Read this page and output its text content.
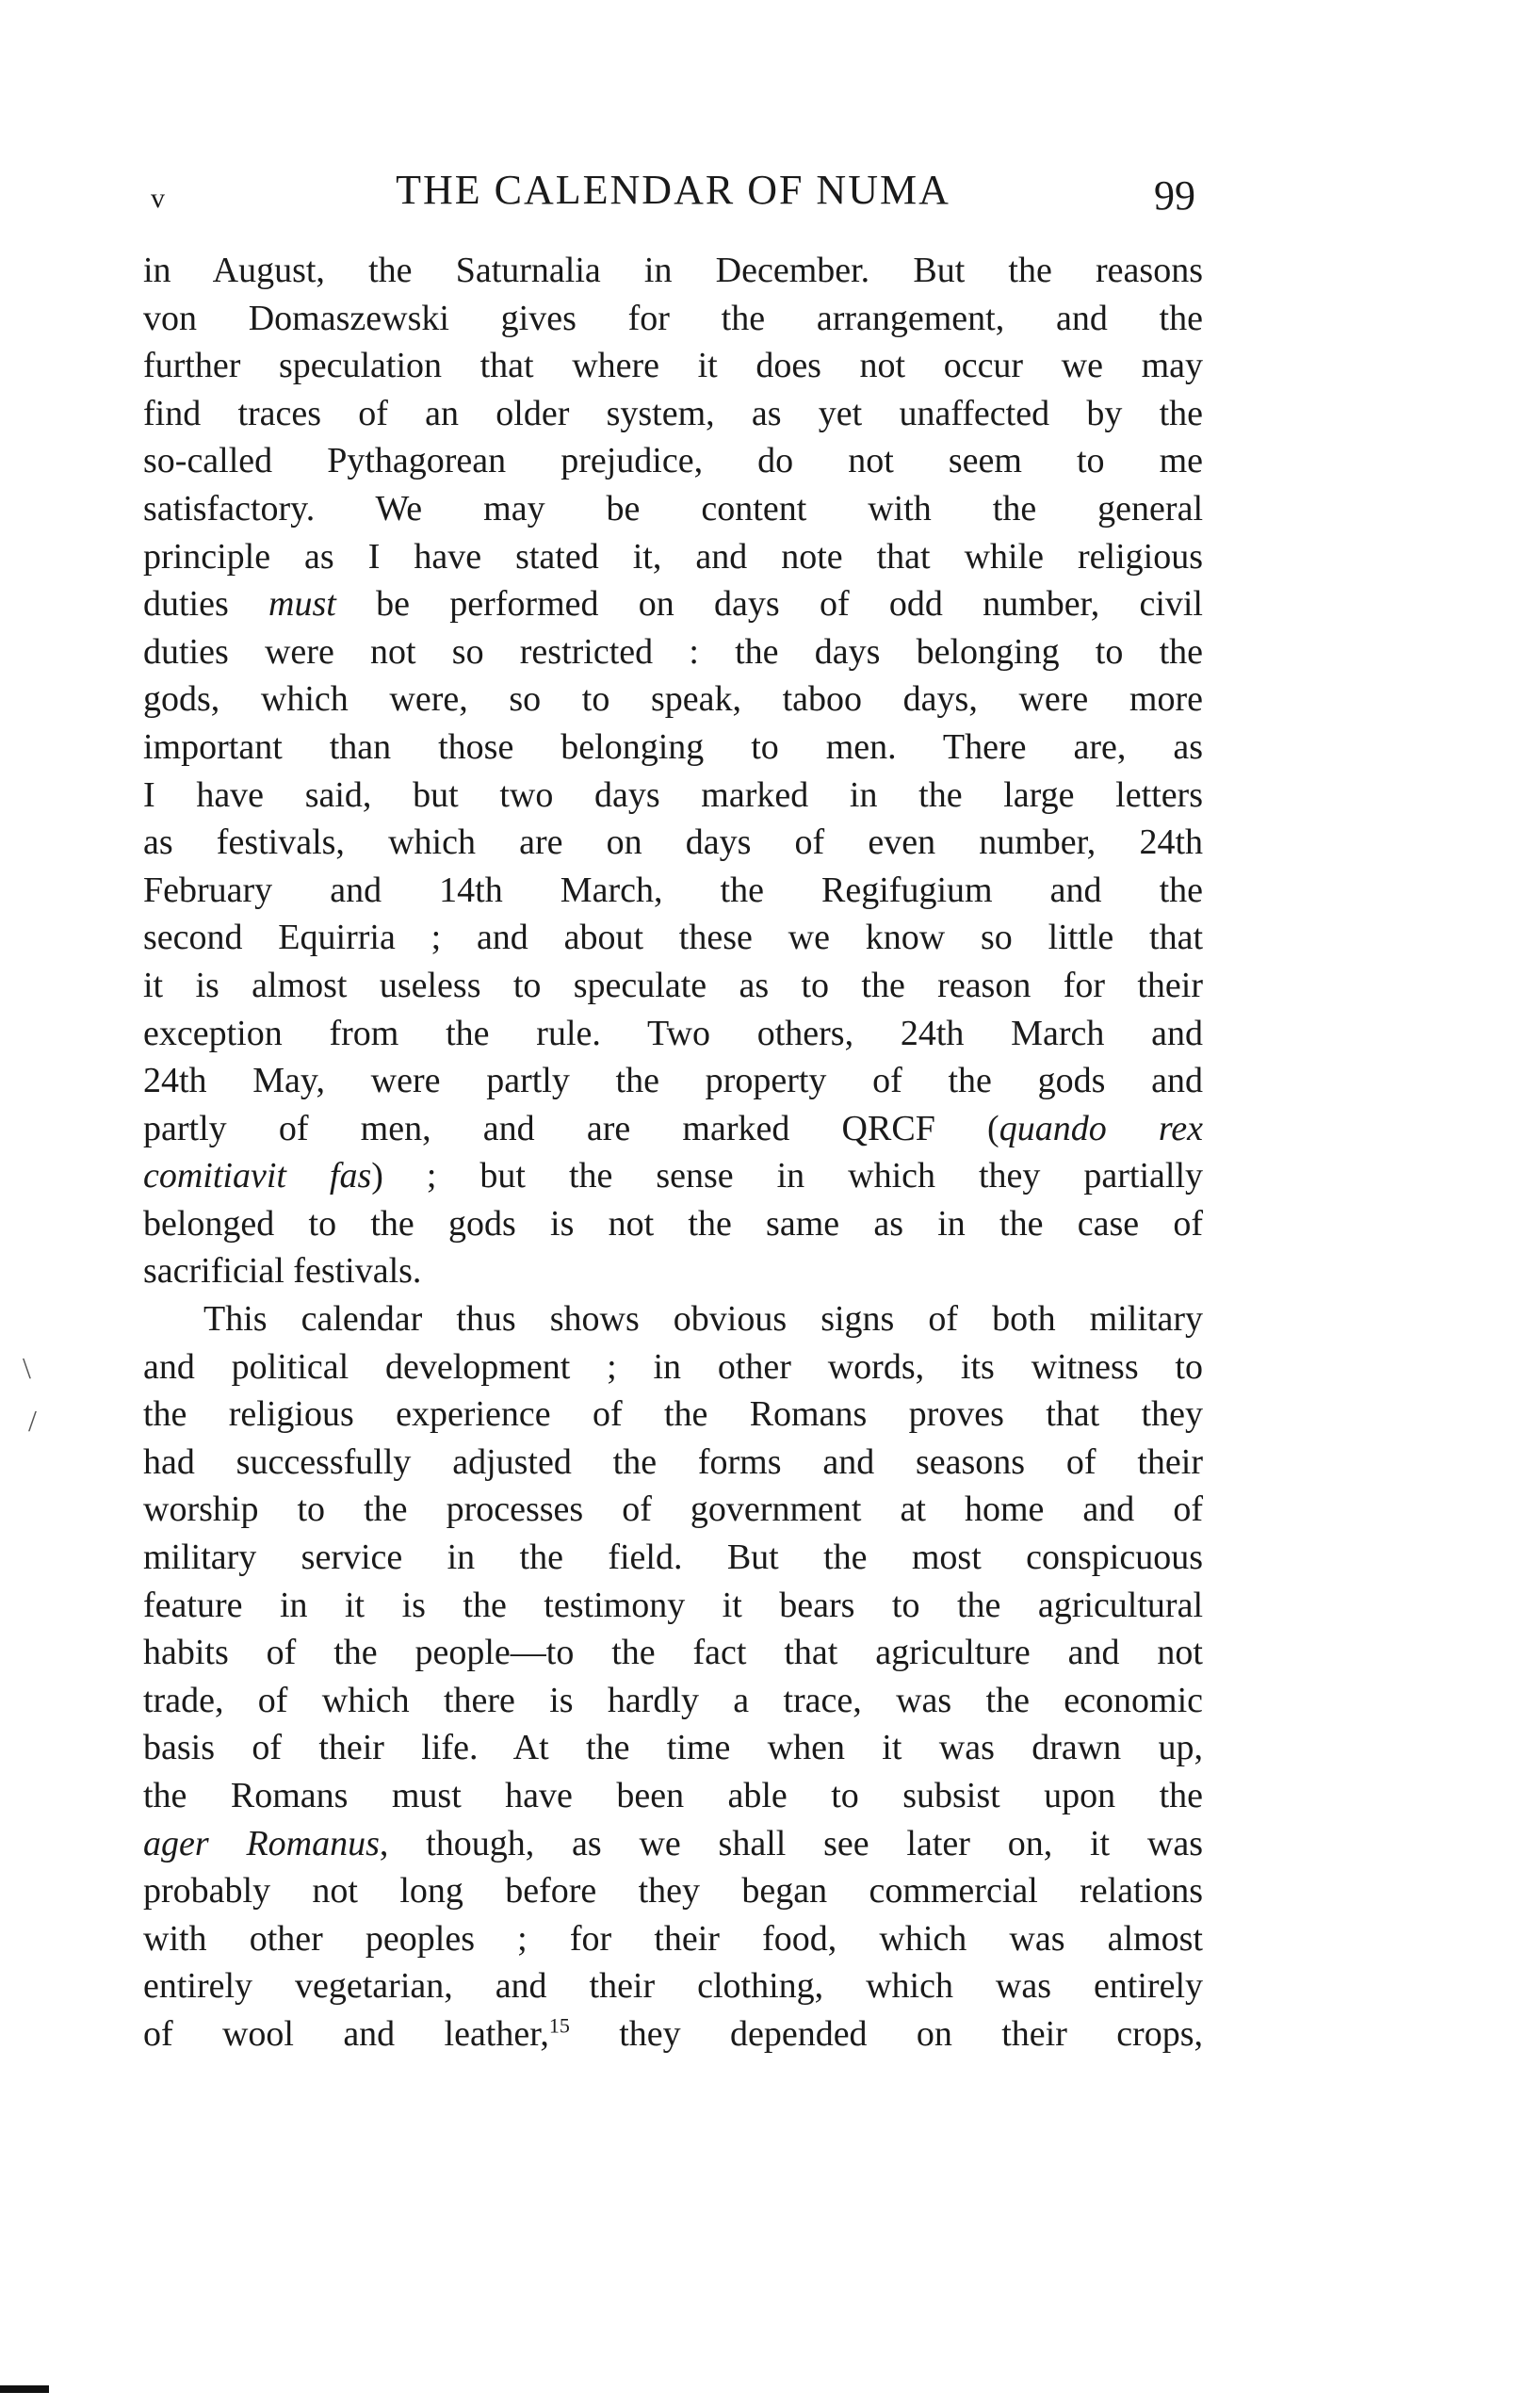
v	THE CALENDAR OF NUMA	99
in August, the Saturnalia in December. But the reasons
von Domaszewski gives for the arrangement, and the
further speculation that where it does not occur we may
find traces of an older system, as yet unaffected by the
so-called Pythagorean prejudice, do not seem to me
satisfactory. We may be content with the general
principle as I have stated it, and note that while religious
duties must be performed on days of odd number, civil
duties were not so restricted : the days belonging to the
gods, which were, so to speak, taboo days, were more
important than those belonging to men. There are, as
I have said, but two days marked in the large letters
as festivals, which are on days of even number, 24th
February and 14th March, the Regifugium and the
second Equirria ; and about these we know so little that
it is almost useless to speculate as to the reason for their
exception from the rule. Two others, 24th March and
24th May, were partly the property of the gods and
partly of men, and are marked QRCF (quando rex
comitiavit fas) ; but the sense in which they partially
belonged to the gods is not the same as in the case of
sacrificial festivals.
This calendar thus shows obvious signs of both military
and political development ; in other words, its witness to
the religious experience of the Romans proves that they
had successfully adjusted the forms and seasons of their
worship to the processes of government at home and of
military service in the field. But the most conspicuous
feature in it is the testimony it bears to the agricultural
habits of the people—to the fact that agriculture and not
trade, of which there is hardly a trace, was the economic
basis of their life. At the time when it was drawn up,
the Romans must have been able to subsist upon the
ager Romanus, though, as we shall see later on, it was
probably not long before they began commercial relations
with other peoples ; for their food, which was almost
entirely vegetarian, and their clothing, which was entirely
of wool and leather,$^{15}$ they depended on their crops,
\
/
